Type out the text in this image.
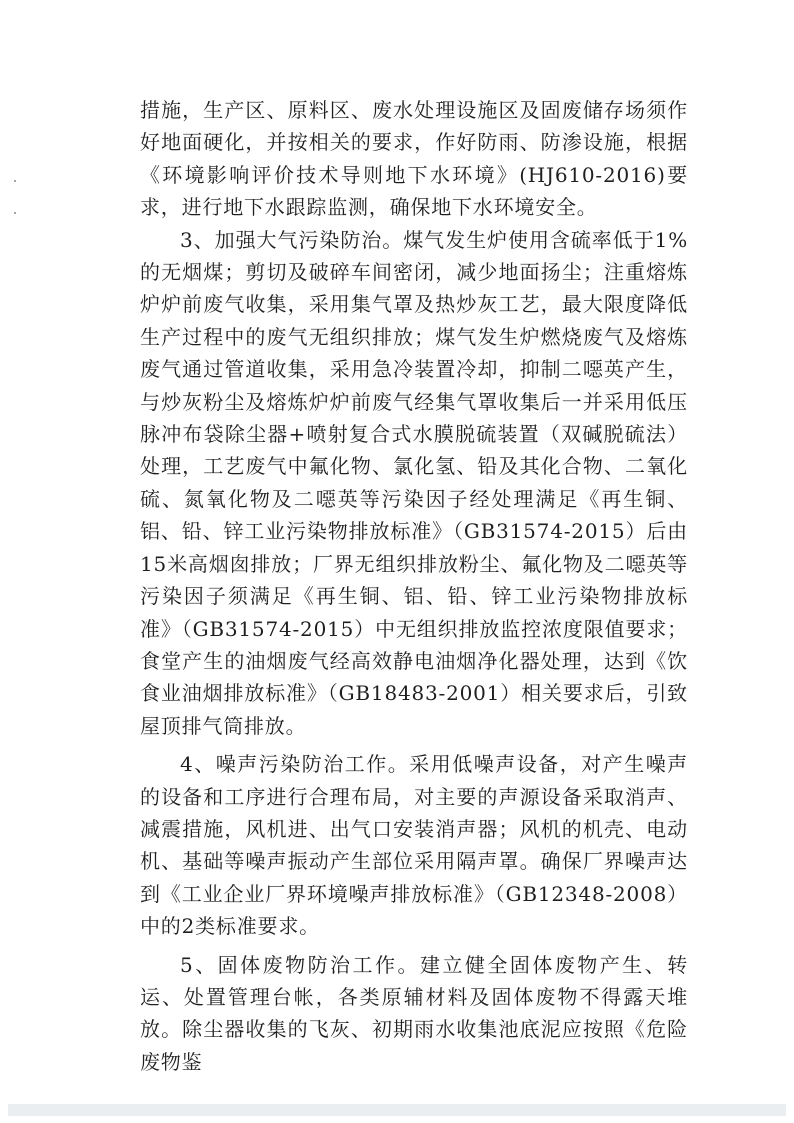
措施，生产区、原料区、废水处理设施区及固废储存场须作好地面硬化，并按相关的要求，作好防雨、防渗设施，根据《环境影响评价技术导则地下水环境》(HJ610-2016)要求，进行地下水跟踪监测，确保地下水环境安全。

3、加强大气污染防治。煤气发生炉使用含硫率低于1%的无烟煤；剪切及破碎车间密闭，减少地面扬尘；注重熔炼炉炉前废气收集，采用集气罩及热炒灰工艺，最大限度降低生产过程中的废气无组织排放；煤气发生炉燃烧废气及熔炼废气通过管道收集，采用急冷装置冷却，抑制二噁英产生，与炒灰粉尘及熔炼炉炉前废气经集气罩收集后一并采用低压脉冲布袋除尘器+喷射复合式水膜脱硫装置（双碱脱硫法）处理，工艺废气中氟化物、氯化氢、铅及其化合物、二氧化硫、氮氧化物及二噁英等污染因子经处理满足《再生铜、铝、铅、锌工业污染物排放标准》（GB31574-2015）后由15米高烟囱排放；厂界无组织排放粉尘、氟化物及二噁英等污染因子须满足《再生铜、铝、铅、锌工业污染物排放标准》（GB31574-2015）中无组织排放监控浓度限值要求；食堂产生的油烟废气经高效静电油烟净化器处理，达到《饮食业油烟排放标准》（GB18483-2001）相关要求后，引致屋顶排气筒排放。

4、噪声污染防治工作。采用低噪声设备，对产生噪声的设备和工序进行合理布局，对主要的声源设备采取消声、减震措施，风机进、出气口安装消声器；风机的机壳、电动机、基础等噪声振动产生部位采用隔声罩。确保厂界噪声达到《工业企业厂界环境噪声排放标准》（GB12348-2008）中的2类标准要求。

5、固体废物防治工作。建立健全固体废物产生、转运、处置管理台帐，各类原辅材料及固体废物不得露天堆放。除尘器收集的飞灰、初期雨水收集池底泥应按照《危险废物鉴
